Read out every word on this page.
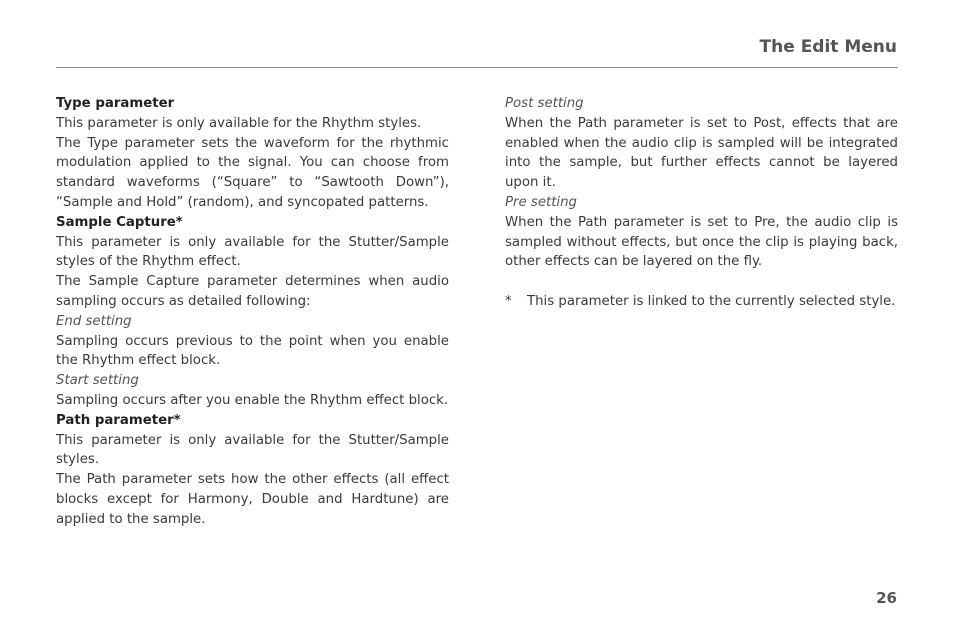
The Edit Menu

Type parameter

This parameter is only available for the Rhythm styles.

The Type parameter sets the waveform for the rhythmic modulation applied to the signal. You can choose from standard waveforms (“Square” to “Sawtooth Down”), “Sample and Hold” (random), and syncopated patterns.

Sample Capture*

This parameter is only available for the Stutter/Sample styles of the Rhythm effect.

The Sample Capture parameter determines when audio sampling occurs as detailed following:

End setting

Sampling occurs previous to the point when you enable the Rhythm effect block.

Start setting

Sampling occurs after you enable the Rhythm effect block.

Path parameter*

This parameter is only available for the Stutter/Sample styles.

The Path parameter sets how the other effects (all effect blocks except for Harmony, Double and Hardtune) are applied to the sample.

Post setting

When the Path parameter is set to Post, effects that are enabled when the audio clip is sampled will be integrated into the sample, but further effects cannot be layered upon it.

Pre setting

When the Path parameter is set to Pre, the audio clip is sampled without effects, but once the clip is playing back, other effects can be layered on the fly.

*	This parameter is linked to the currently selected style.

26
